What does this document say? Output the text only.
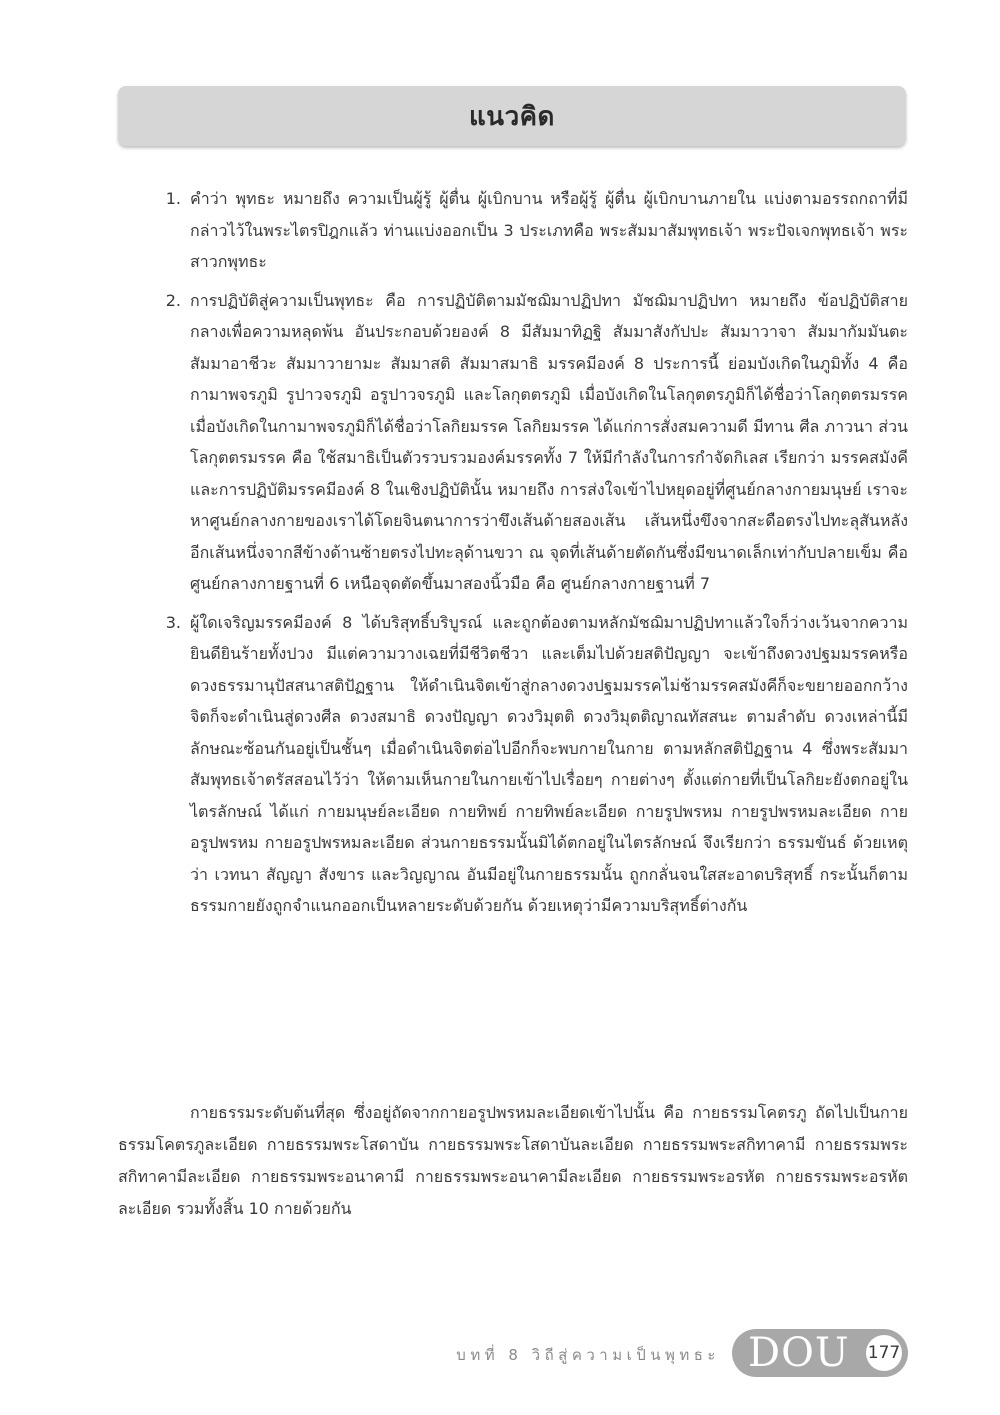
แนวคิด
1. คำว่า พุทธะ หมายถึง ความเป็นผู้รู้ ผู้ตื่น ผู้เบิกบาน หรือผู้รู้ ผู้ตื่น ผู้เบิกบานภายใน แบ่งตามอรรถกถาที่มีกล่าวไว้ในพระไตรปิฎกแล้ว ท่านแบ่งออกเป็น 3 ประเภทคือ พระสัมมาสัมพุทธเจ้า พระปัจเจกพุทธเจ้า พระสาวกพุทธะ
2. การปฏิบัติสู่ความเป็นพุทธะ คือ การปฏิบัติตามมัชฌิมาปฏิปทา มัชฌิมาปฏิปทา หมายถึง ข้อปฏิบัติสายกลางเพื่อความหลุดพ้น อันประกอบด้วยองค์ 8 มีสัมมาทิฏฐิ สัมมาสังกัปปะ สัมมาวาจา สัมมากัมมันตะ สัมมาอาชีวะ สัมมาวายามะ สัมมาสติ สัมมาสมาธิ มรรคมีองค์ 8 ประการนี้ ย่อมบังเกิดในภูมิทั้ง 4 คือ กามาพจรภูมิ รูปาวจรภูมิ อรูปาวจรภูมิ และโลกุตตรภูมิ เมื่อบังเกิดในโลกุตตรภูมิก็ได้ชื่อว่าโลกุตตรมรรค เมื่อบังเกิดในกามาพจรภูมิก็ได้ชื่อว่าโลกิยมรรค โลกิยมรรค ได้แก่การสั่งสมความดี มีทาน ศีล ภาวนา ส่วนโลกุตตรมรรค คือ ใช้สมาธิเป็นตัวรวบรวมองค์มรรคทั้ง 7 ให้มีกำลังในการกำจัดกิเลส เรียกว่า มรรคสมังคี และการปฏิบัติมรรคมีองค์ 8 ในเชิงปฏิบัตินั้น หมายถึง การส่งใจเข้าไปหยุดอยู่ที่ศูนย์กลางกายมนุษย์ เราจะหาศูนย์กลางกายของเราได้โดยจินตนาการว่าขึงเส้นด้ายสองเส้น เส้นหนึ่งขึงจากสะดือตรงไปทะลุสันหลัง อีกเส้นหนึ่งจากสีข้างด้านซ้ายตรงไปทะลุด้านขวา ณ จุดที่เส้นด้ายตัดกันซึ่งมีขนาดเล็กเท่ากับปลายเข็ม คือ ศูนย์กลางกายฐานที่ 6 เหนือจุดตัดขึ้นมาสองนิ้วมือ คือ ศูนย์กลางกายฐานที่ 7
3. ผู้ใดเจริญมรรคมีองค์ 8 ได้บริสุทธิ์บริบูรณ์ และถูกต้องตามหลักมัชฌิมาปฏิปทาแล้วใจก็ว่างเว้นจากความยินดียินร้ายทั้งปวง มีแต่ความวางเฉยที่มีชีวิตชีวา และเต็มไปด้วยสติปัญญา จะเข้าถึงดวงปฐมมรรคหรือ ดวงธรรมานุปัสสนาสติปัฏฐาน ให้ดำเนินจิตเข้าสู่กลางดวงปฐมมรรคไม่ช้ามรรคสมังคีก็จะขยายออกกว้าง จิตก็จะดำเนินสู่ดวงศีล ดวงสมาธิ ดวงปัญญา ดวงวิมุตติ ดวงวิมุตติญาณทัสสนะ ตามลำดับ ดวงเหล่านี้มีลักษณะซ้อนกันอยู่เป็นชั้นๆ เมื่อดำเนินจิตต่อไปอีกก็จะพบกายในกาย ตามหลักสติปัฏฐาน 4 ซึ่งพระสัมมาสัมพุทธเจ้าตรัสสอนไว้ว่า ให้ตามเห็นกายในกายเข้าไปเรื่อยๆ กายต่างๆ ตั้งแต่กายที่เป็นโลกิยะยังตกอยู่ในไตรลักษณ์ ได้แก่ กายมนุษย์ละเอียด กายทิพย์ กายทิพย์ละเอียด กายรูปพรหม กายรูปพรหมละเอียด กายอรูปพรหม กายอรูปพรหมละเอียด ส่วนกายธรรมนั้นมิได้ตกอยู่ในไตรลักษณ์ จึงเรียกว่า ธรรมขันธ์ ด้วยเหตุว่า เวทนา สัญญา สังขาร และวิญญาณ อันมีอยู่ในกายธรรมนั้น ถูกกลั่นจนใสสะอาดบริสุทธิ์ กระนั้นก็ตามธรรมกายยังถูกจำแนกออกเป็นหลายระดับด้วยกัน ด้วยเหตุว่ามีความบริสุทธิ์ต่างกัน

กายธรรมระดับต้นที่สุด ซึ่งอยู่ถัดจากกายอรูปพรหมละเอียดเข้าไปนั้น คือ กายธรรมโคตรภู ถัดไปเป็นกายธรรมโคตรภูละเอียด กายธรรมพระโสดาบัน กายธรรมพระโสดาบันละเอียด กายธรรมพระสกิทาคามี กายธรรมพระสกิทาคามีละเอียด กายธรรมพระอนาคามี กายธรรมพระอนาคามีละเอียด กายธรรมพระอรหัต กายธรรมพระอรหัตละเอียด รวมทั้งสิ้น 10 กายด้วยกัน

บทที่ 8 วิถีสู่ความเป็นพุทธะ DOU 177
